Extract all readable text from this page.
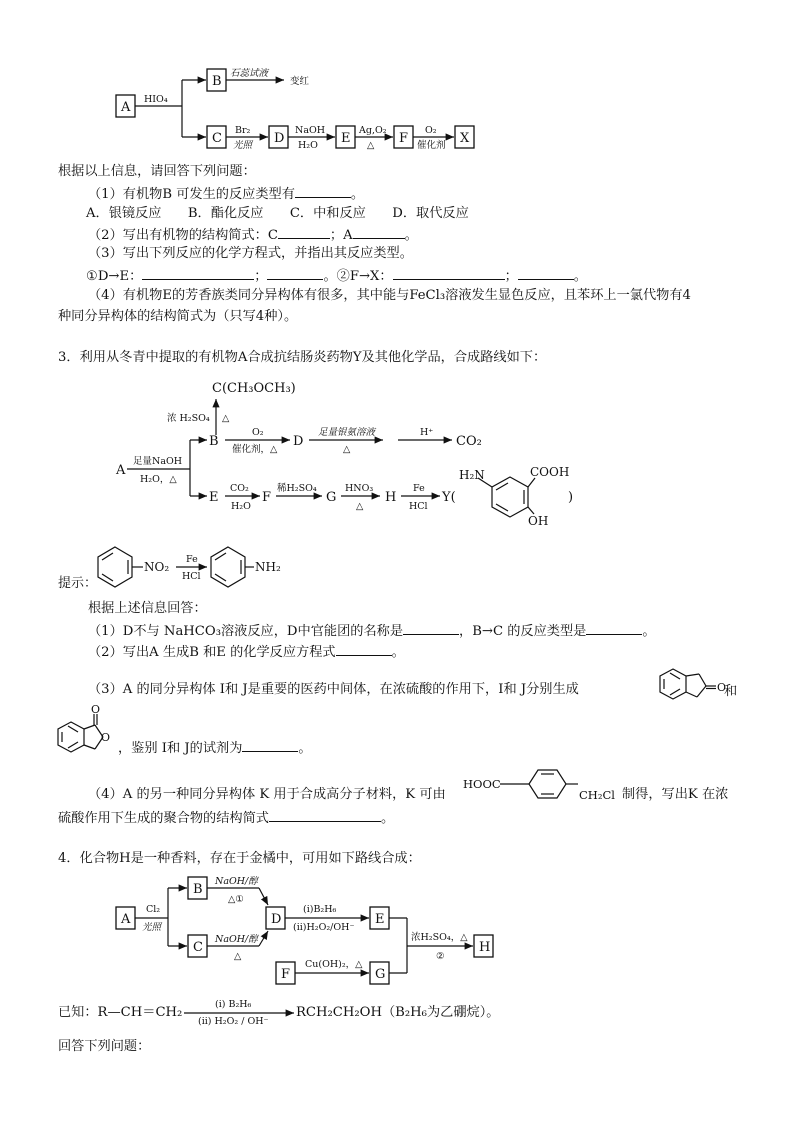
A
B
C	D	E	F	X
HIO₄
石蕊试液
变红
Br₂
光照
NaOH
H₂O
Ag,O₂
△
O₂
催化剂
根据以上信息，请回答下列问题：
（1）有机物B 可发生的反应类型有	。
A．银镜反应　　B．酯化反应　　C．中和反应　　D．取代反应
（2）写出有机物的结构简式：C	；A	。
（3）写出下列反应的化学方程式，并指出其反应类型。
①D→E：	；	。②F→X：	；	。
（4）有机物E的芳香族类同分异构体有很多，其中能与FeCl₃溶液发生显色反应，且苯环上一氯代物有4
种同分异构体的结构简式为（只写4种）。
3．利用从冬青中提取的有机物A合成抗结肠炎药物Y及其他化学品，合成路线如下：
C(CH₃OCH₃)
浓 H₂SO₄ △
A
足量NaOH
H₂O，△
B
O₂
催化剂，△
D
足量银氨溶液
△
H⁺
CO₂
E
CO₂
H₂O
F
稀H₂SO₄
G
HNO₃
△
H
Fe
HCl
Y(
H₂N	COOH
OH
)
提示：
NO₂
Fe
HCl
NH₂
根据上述信息回答：
（1）D不与 NaHCO₃溶液反应，D中官能团的名称是	，B→C 的反应类型是	。
（2）写出A 生成B 和E 的化学反应方程式	。
（3）A 的同分异构体 I和 J是重要的医药中间体，在浓硫酸的作用下，I和 J分别生成	O
和
O
O
，鉴别 I和 J的试剂为	。
（4）A 的另一种同分异构体 K 用于合成高分子材料，K 可由
HOOC
CH₂Cl 制得，写出K 在浓
硫酸作用下生成的聚合物的结构简式	。
4．化合物H是一种香料，存在于金橘中，可用如下路线合成：
A
B
C
D	E
F	G
H
Cl₂
光照
NaOH/醇
△①
NaOH/醇
△
(i)B₂H₆
(ii)H₂O₂/OH⁻
Cu(OH)₂，△
浓H₂SO₄，△
②
(i) B₂H₆
(ii) H₂O₂ / OH⁻
已知：R—CH＝CH₂	RCH₂CH₂OH（B₂H₆为乙硼烷）。
回答下列问题：
